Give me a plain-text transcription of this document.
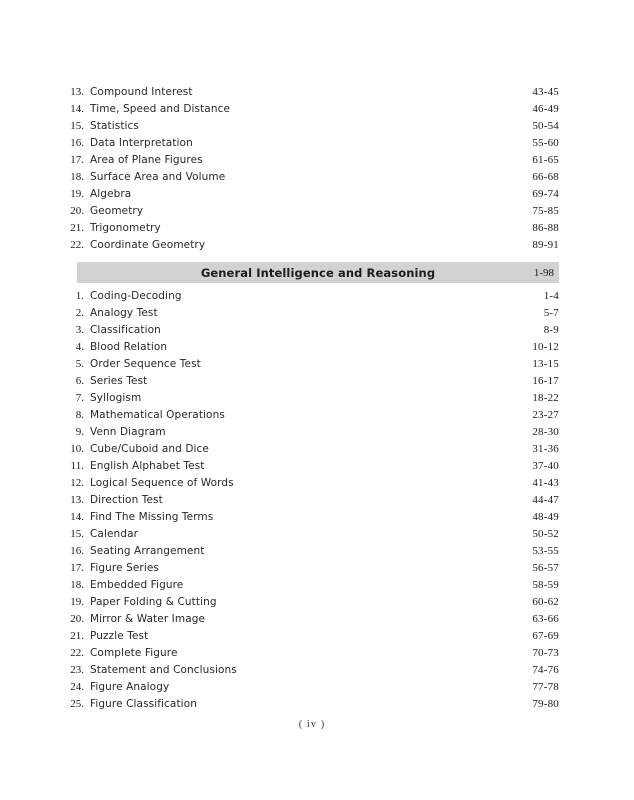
13. Compound Interest	43-45
14. Time, Speed and Distance	46-49
15. Statistics	50-54
16. Data Interpretation	55-60
17. Area of Plane Figures	61-65
18. Surface Area and Volume	66-68
19. Algebra	69-74
20. Geometry	75-85
21. Trigonometry	86-88
22. Coordinate Geometry	89-91
General Intelligence and Reasoning	1-98
1. Coding-Decoding	1-4
2. Analogy Test	5-7
3. Classification	8-9
4. Blood Relation	10-12
5. Order Sequence Test	13-15
6. Series Test	16-17
7. Syllogism	18-22
8. Mathematical Operations	23-27
9. Venn Diagram	28-30
10. Cube/Cuboid and Dice	31-36
11. English Alphabet Test	37-40
12. Logical Sequence of Words	41-43
13. Direction Test	44-47
14. Find The Missing Terms	48-49
15. Calendar	50-52
16. Seating Arrangement	53-55
17. Figure Series	56-57
18. Embedded Figure	58-59
19. Paper Folding & Cutting	60-62
20. Mirror & Water Image	63-66
21. Puzzle Test	67-69
22. Complete Figure	70-73
23. Statement and Conclusions	74-76
24. Figure Analogy	77-78
25. Figure Classification	79-80
( iv )
